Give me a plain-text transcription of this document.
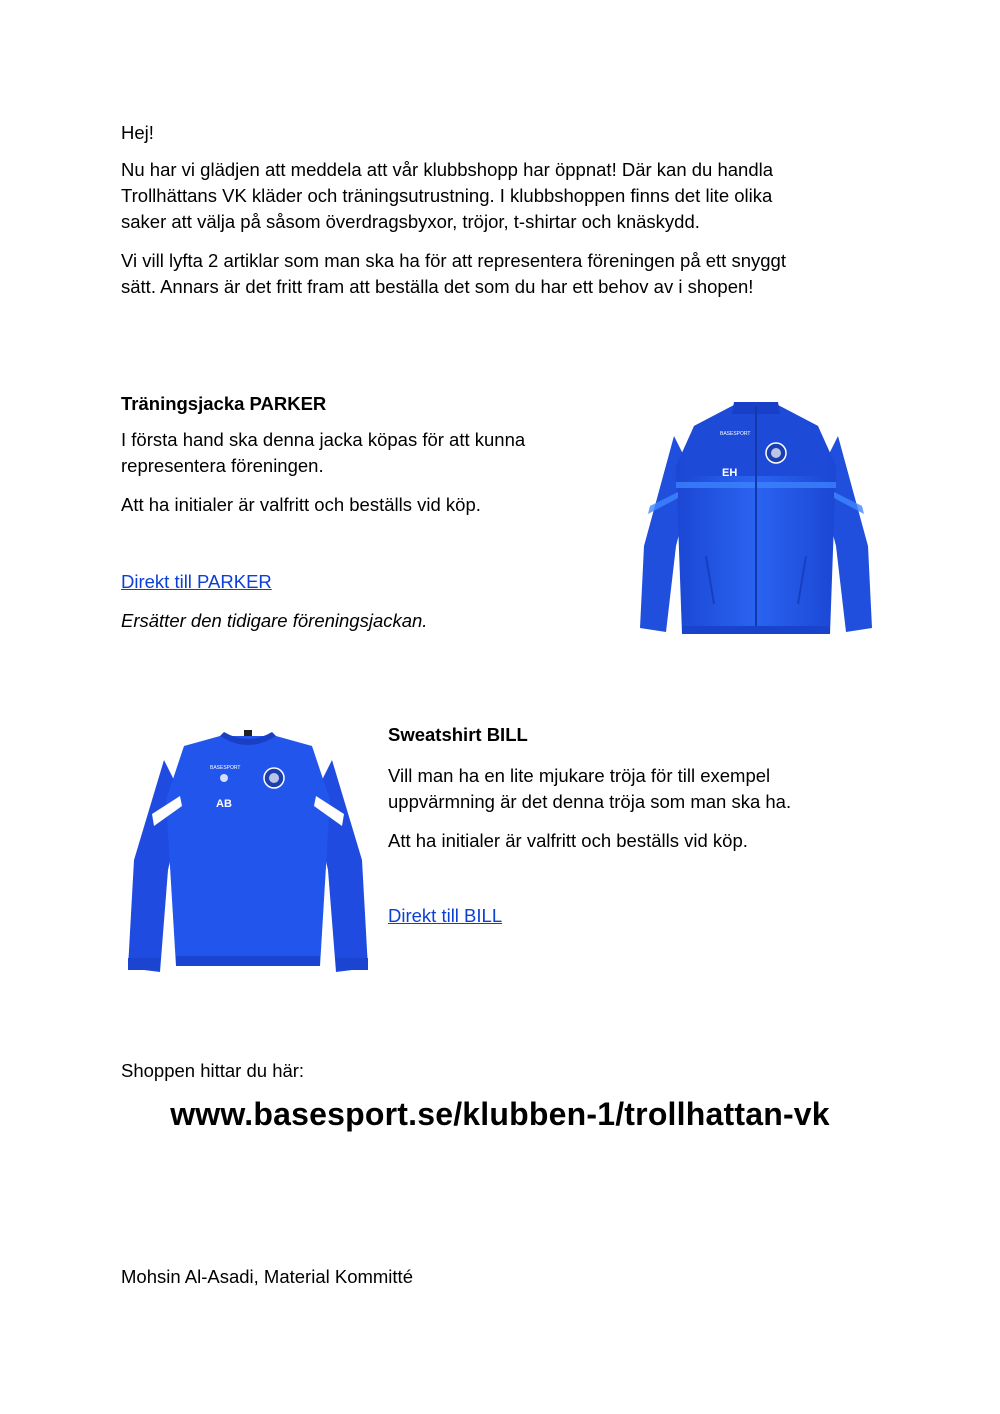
Hej!

Nu har vi glädjen att meddela att vår klubbshopp har öppnat! Där kan du handla

Trollhättans VK kläder och träningsutrustning. I klubbshoppen finns det lite olika

saker att välja på såsom överdragsbyxor, tröjor, t-shirtar och knäskydd.

Vi vill lyfta 2 artiklar som man ska ha för att representera föreningen på ett snyggt

sätt. Annars är det fritt fram att beställa det som du har ett behov av i shopen!

Träningsjacka PARKER

I första hand ska denna jacka köpas för att kunna

representera föreningen.

Att ha initialer är valfritt och beställs vid köp.

Direkt till PARKER

Ersätter den tidigare föreningsjackan.

BASESPORT
EH

Sweatshirt BILL

Vill man ha en lite mjukare tröja för till exempel

uppvärmning är det denna tröja som man ska ha.

Att ha initialer är valfritt och beställs vid köp.

Direkt till BILL

BASESPORT
AB

Shoppen hittar du här:

www.basesport.se/klubben-1/trollhattan-vk

Mohsin Al-Asadi, Material Kommitté
